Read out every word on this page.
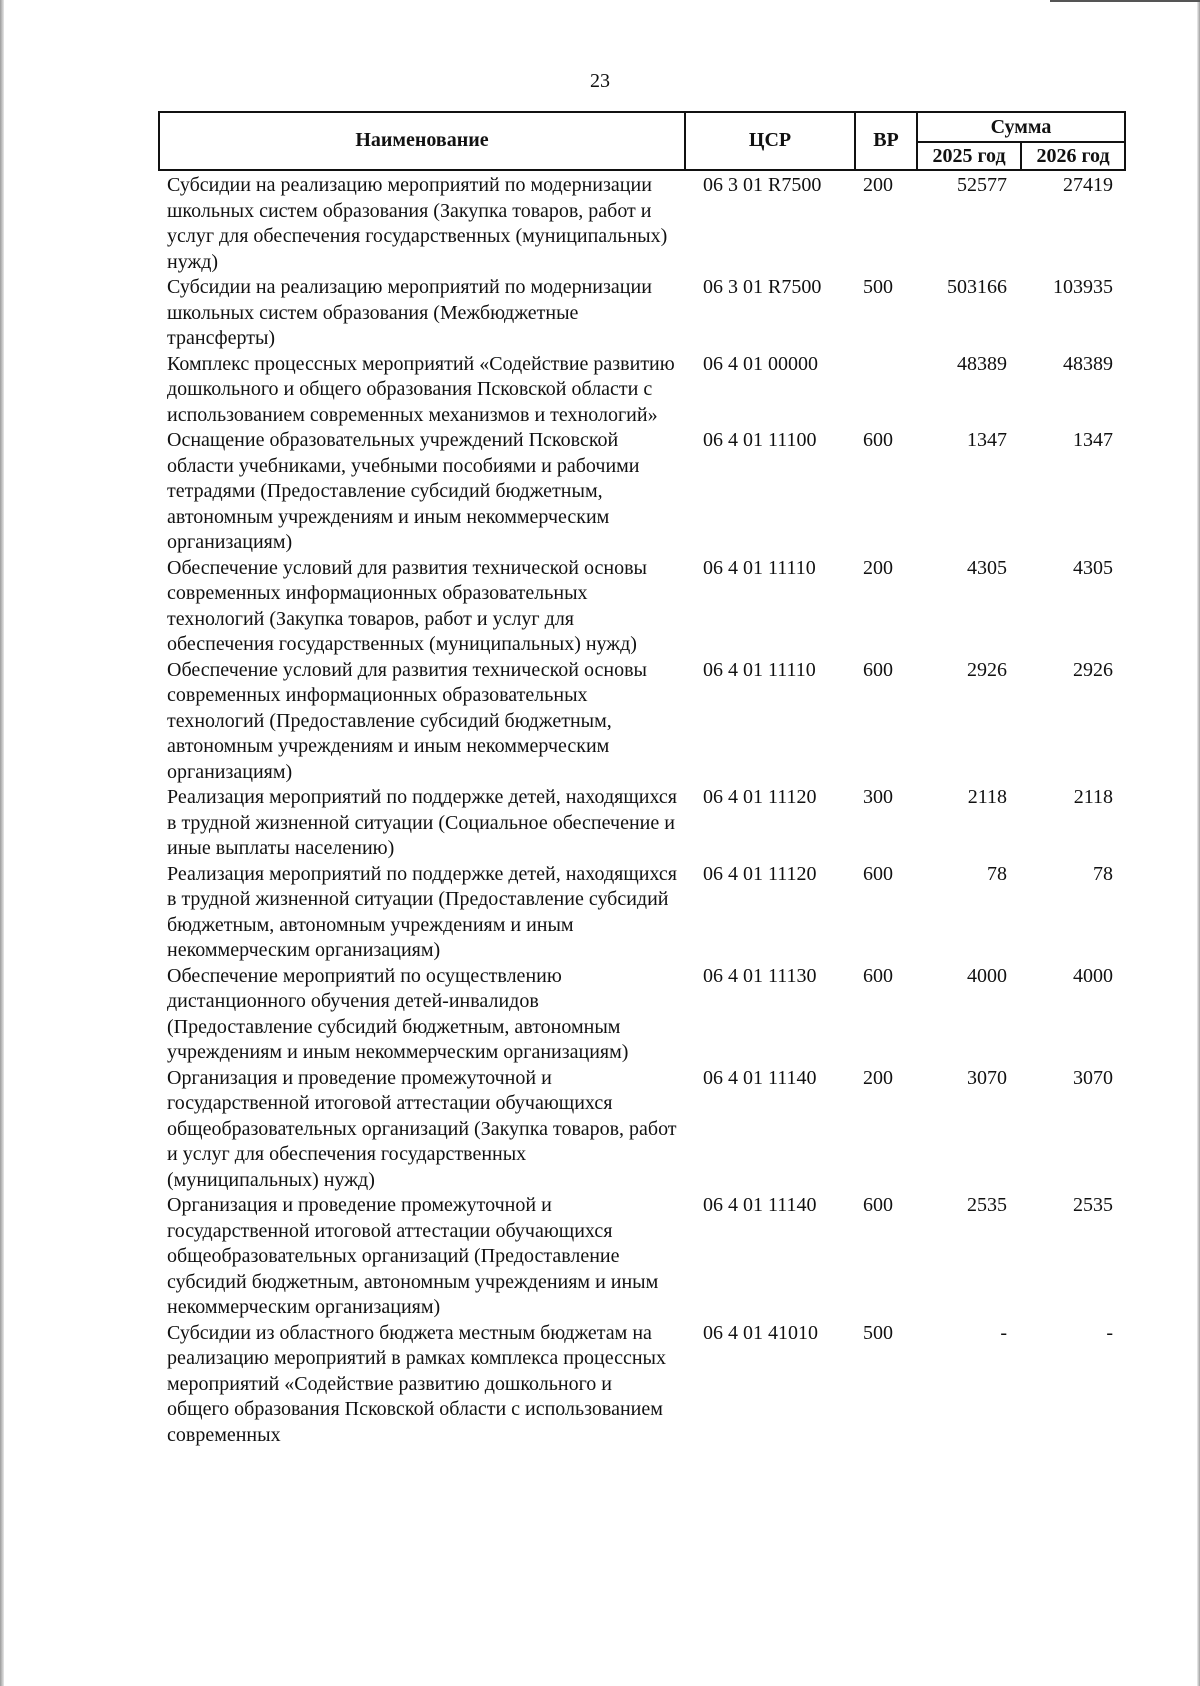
23
Наименование	ЦСР	ВР	Сумма	
			2025 год	2026 год
Субсидии на реализацию мероприятий по модернизации школьных систем образования (Закупка товаров, работ и услуг для обеспечения государственных (муниципальных) нужд)	06 3 01 R7500	200	52577	27419
Субсидии на реализацию мероприятий по модернизации школьных систем образования (Межбюджетные трансферты)	06 3 01 R7500	500	503166	103935
Комплекс процессных мероприятий «Содействие развитию дошкольного и общего образования Псковской области с использованием современных механизмов и технологий»	06 4 01 00000		48389	48389
Оснащение образовательных учреждений Псковской области учебниками, учебными пособиями и рабочими тетрадями (Предоставление субсидий бюджетным, автономным учреждениям и иным некоммерческим организациям)	06 4 01 11100	600	1347	1347
Обеспечение условий для развития технической основы современных информационных образовательных технологий (Закупка товаров, работ и услуг для обеспечения государственных (муниципальных) нужд)	06 4 01 11110	200	4305	4305
Обеспечение условий для развития технической основы современных информационных образовательных технологий (Предоставление субсидий бюджетным, автономным учреждениям и иным некоммерческим организациям)	06 4 01 11110	600	2926	2926
Реализация мероприятий по поддержке детей, находящихся в трудной жизненной ситуации (Социальное обеспечение и иные выплаты населению)	06 4 01 11120	300	2118	2118
Реализация мероприятий по поддержке детей, находящихся в трудной жизненной ситуации (Предоставление субсидий бюджетным, автономным учреждениям и иным некоммерческим организациям)	06 4 01 11120	600	78	78
Обеспечение мероприятий по осуществлению дистанционного обучения детей-инвалидов (Предоставление субсидий бюджетным, автономным учреждениям и иным некоммерческим организациям)	06 4 01 11130	600	4000	4000
Организация и проведение промежуточной и государственной итоговой аттестации обучающихся общеобразовательных организаций (Закупка товаров, работ и услуг для обеспечения государственных (муниципальных) нужд)	06 4 01 11140	200	3070	3070
Организация и проведение промежуточной и государственной итоговой аттестации обучающихся общеобразовательных организаций (Предоставление субсидий бюджетным, автономным учреждениям и иным некоммерческим организациям)	06 4 01 11140	600	2535	2535
Субсидии из областного бюджета местным бюджетам на реализацию мероприятий в рамках комплекса процессных мероприятий «Содействие развитию дошкольного и общего образования Псковской области с использованием современных	06 4 01 41010	500	-	-
